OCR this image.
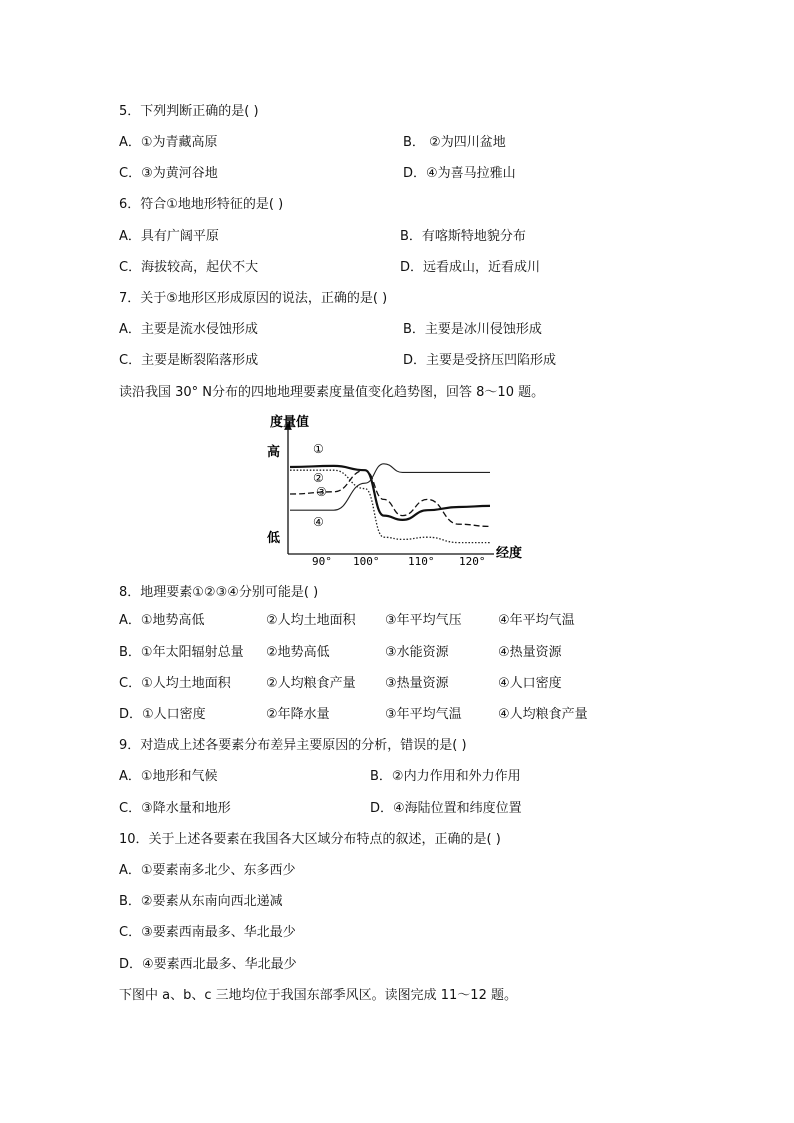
5．下列判断正确的是( )
A．①为青藏高原	B． ②为四川盆地
C．③为黄河谷地	D．④为喜马拉雅山
6．符合①地地形特征的是( )
A．具有广阔平原	B．有喀斯特地貌分布
C．海拔较高，起伏不大	D．远看成山，近看成川
7．关于⑤地形区形成原因的说法，正确的是( )
A．主要是流水侵蚀形成	B．主要是冰川侵蚀形成
C．主要是断裂陷落形成	D．主要是受挤压凹陷形成
读沿我国 30° N分布的四地地理要素度量值变化趋势图，回答 8～10 题。
度量值
高
低
90° 100°	110° 120°
经度
①
②
③
④
8．地理要素①②③④分别可能是( )
A．①地势高低	②人均土地面积 ③年平均气压	④年平均气温
B．①年太阳辐射总量 ②地势高低	③水能资源	④热量资源
C．①人均土地面积	②人均粮食产量 ③热量资源	④人口密度
D．①人口密度	②年降水量	③年平均气温	④人均粮食产量
9．对造成上述各要素分布差异主要原因的分析，错误的是( )
A．①地形和气候	B．②内力作用和外力作用
C．③降水量和地形	D．④海陆位置和纬度位置
10．关于上述各要素在我国各大区域分布特点的叙述，正确的是( )
A．①要素南多北少、东多西少
B．②要素从东南向西北递减
C．③要素西南最多、华北最少
D．④要素西北最多、华北最少
下图中 a、b、c 三地均位于我国东部季风区。读图完成 11～12 题。
